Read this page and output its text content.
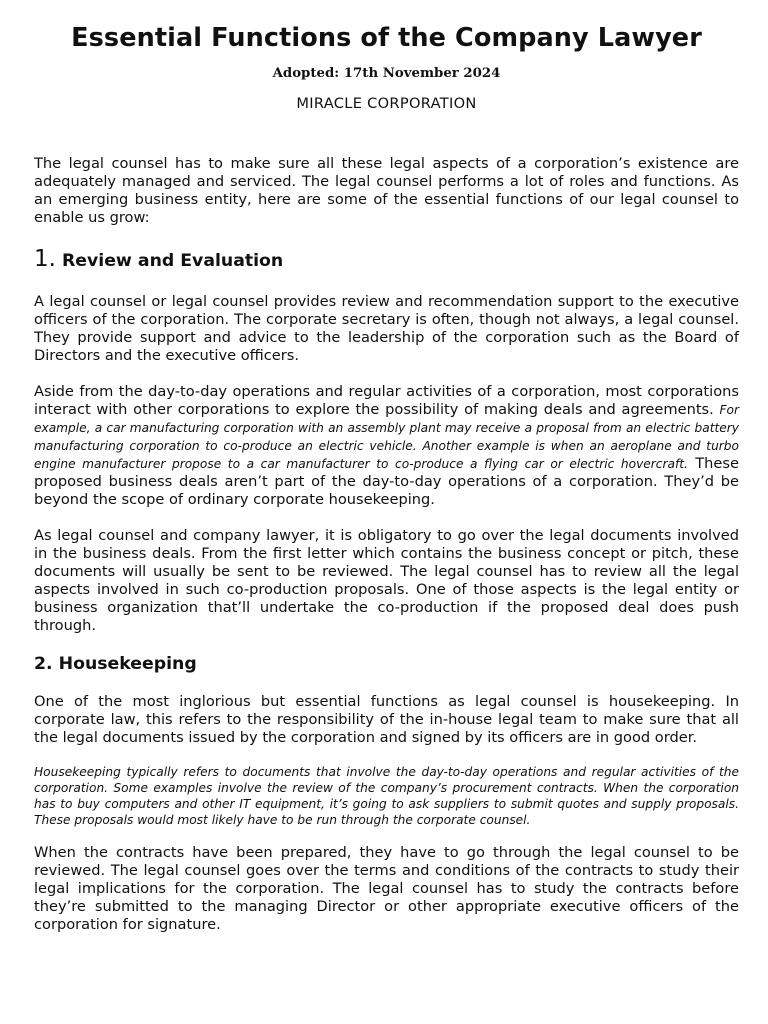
Essential Functions of the Company Lawyer
Adopted: 17th November 2024
MIRACLE CORPORATION

The legal counsel has to make sure all these legal aspects of a corporation’s existence are adequately managed and serviced. The legal counsel performs a lot of roles and functions. As an emerging business entity, here are some of the essential functions of our legal counsel to enable us grow:

1. Review and Evaluation

A legal counsel or legal counsel provides review and recommendation support to the executive officers of the corporation. The corporate secretary is often, though not always, a legal counsel. They provide support and advice to the leadership of the corporation such as the Board of Directors and the executive officers.

Aside from the day-to-day operations and regular activities of a corporation, most corporations interact with other corporations to explore the possibility of making deals and agreements. For example, a car manufacturing corporation with an assembly plant may receive a proposal from an electric battery manufacturing corporation to co-produce an electric vehicle. Another example is when an aeroplane and turbo engine manufacturer propose to a car manufacturer to co-produce a flying car or electric hovercraft. These proposed business deals aren’t part of the day-to-day operations of a corporation. They’d be beyond the scope of ordinary corporate housekeeping.

As legal counsel and company lawyer, it is obligatory to go over the legal documents involved in the business deals. From the first letter which contains the business concept or pitch, these documents will usually be sent to be reviewed. The legal counsel has to review all the legal aspects involved in such co-production proposals. One of those aspects is the legal entity or business organization that’ll undertake the co-production if the proposed deal does push through.

2. Housekeeping

One of the most inglorious but essential functions as legal counsel is housekeeping. In corporate law, this refers to the responsibility of the in-house legal team to make sure that all the legal documents issued by the corporation and signed by its officers are in good order.

Housekeeping typically refers to documents that involve the day-to-day operations and regular activities of the corporation. Some examples involve the review of the company’s procurement contracts. When the corporation has to buy computers and other IT equipment, it’s going to ask suppliers to submit quotes and supply proposals. These proposals would most likely have to be run through the corporate counsel.

When the contracts have been prepared, they have to go through the legal counsel to be reviewed. The legal counsel goes over the terms and conditions of the contracts to study their legal implications for the corporation. The legal counsel has to study the contracts before they’re submitted to the managing Director or other appropriate executive officers of the corporation for signature.
